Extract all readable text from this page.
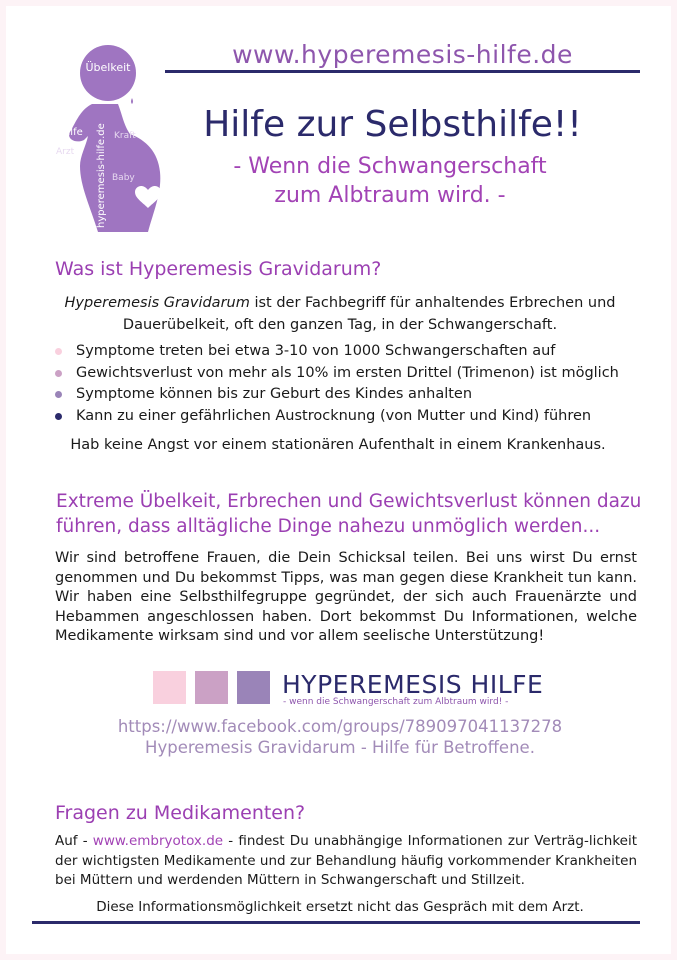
Übelkeit
Hilfe	Kraft
Arzt
Baby
hyperemesis-hilfe.de
www.hyperemesis-hilfe.de
Hilfe zur Selbsthilfe!!
- Wenn die Schwangerschaft
zum Albtraum wird. -
Was ist Hyperemesis Gravidarum?

Hyperemesis Gravidarum ist der Fachbegriff für anhaltendes Erbrechen und Dauerübelkeit, oft den ganzen Tag, in der Schwangerschaft.

Symptome treten bei etwa 3-10 von 1000 Schwangerschaften auf
Gewichtsverlust von mehr als 10% im ersten Drittel (Trimenon) ist möglich
Symptome können bis zur Geburt des Kindes anhalten
Kann zu einer gefährlichen Austrocknung (von Mutter und Kind) führen
Hab keine Angst vor einem stationären Aufenthalt in einem Krankenhaus.
Extreme Übelkeit, Erbrechen und Gewichtsverlust können dazu führen, dass alltägliche Dinge nahezu unmöglich werden...

Wir sind betroffene Frauen, die Dein Schicksal teilen. Bei uns wirst Du ernst genommen und Du bekommst Tipps, was man gegen diese Krankheit tun kann. Wir haben eine Selbsthilfegruppe gegründet, der sich auch Frauenärzte und Hebammen angeschlossen haben. Dort bekommst Du Informationen, welche Medikamente wirksam sind und vor allem seelische Unterstützung!

HYPEREMESIS HILFE
- wenn die Schwangerschaft zum Albtraum wird! -
https://www.facebook.com/groups/789097041137278
Hyperemesis Gravidarum - Hilfe für Betroffene.
Fragen zu Medikamenten?

Auf - www.embryotox.de - findest Du unabhängige Informationen zur Verträg-lichkeit der wichtigsten Medikamente und zur Behandlung häufig vorkommender Krankheiten bei Müttern und werdenden Müttern in Schwangerschaft und Stillzeit.

Diese Informationsmöglichkeit ersetzt nicht das Gespräch mit dem Arzt.
